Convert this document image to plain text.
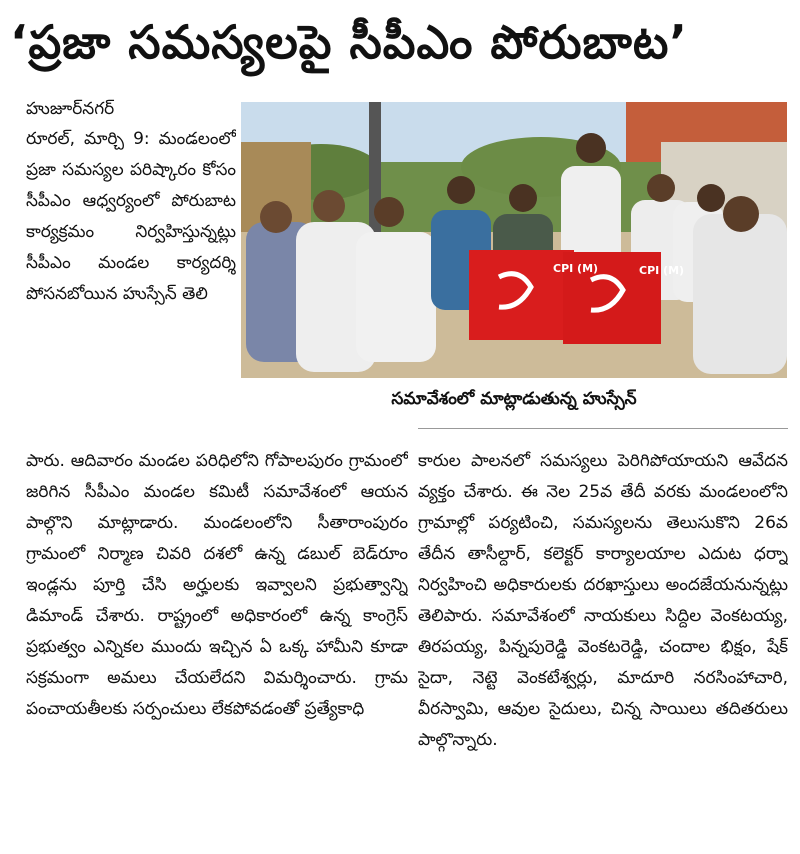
‘ప్రజా సమస్యలపై సీపీఎం పోరుబాట’
హుజూర్‌నగర్

రూరల్, మార్చి 9: మండలంలో ప్రజా సమస్యల పరిష్కారం కోసం సీపీఎం ఆధ్వర్యంలో పోరుబాట కార్యక్రమం నిర్వహిస్తున్నట్లు సీపీఎం మండల కార్యదర్శి పోసనబోయిన హుస్సేన్ తెలి

CPI (M)	CPI (M)
సమావేశంలో మాట్లాడుతున్న హుస్సేన్

పారు. ఆదివారం మండల పరిధిలోని గోపాలపురం గ్రామంలో జరిగిన సీపీఎం మండల కమిటీ సమావేశంలో ఆయన పాల్గొని మాట్లాడారు. మండలంలోని సీతారాంపురం గ్రామంలో నిర్మాణ చివరి దశలో ఉన్న డబుల్ బెడ్‌రూం ఇండ్లను పూర్తి చేసి అర్హులకు ఇవ్వాలని ప్రభుత్వాన్ని డిమాండ్ చేశారు. రాష్ట్రంలో అధికారంలో ఉన్న కాంగ్రెస్ ప్రభుత్వం ఎన్నికల ముందు ఇచ్చిన ఏ ఒక్క హామీని కూడా సక్రమంగా అమలు చేయలేదని విమర్శించారు. గ్రామ పంచాయతీలకు సర్పంచులు లేకపోవడంతో ప్రత్యేకాధి

కారుల పాలనలో సమస్యలు పెరిగిపోయాయని ఆవేదన వ్యక్తం చేశారు. ఈ నెల 25వ తేదీ వరకు మండలంలోని గ్రామాల్లో పర్యటించి, సమస్యలను తెలుసుకొని 26వ తేదీన తాసీల్దార్, కలెక్టర్ కార్యాలయాల ఎదుట ధర్నా నిర్వహించి అధికారులకు దరఖాస్తులు అందజేయనున్నట్లు తెలిపారు. సమావేశంలో నాయకులు సిద్దిల వెంకటయ్య, తిరపయ్య, పిన్నపురెడ్డి వెంకటరెడ్డి, చందాల భిక్షం, షేక్ సైదా, నెట్టె వెంకటేశ్వర్లు, మాదూరి నరసింహాచారి, వీరస్వామి, ఆవుల సైదులు, చిన్న సాయిలు తదితరులు పాల్గొన్నారు.
